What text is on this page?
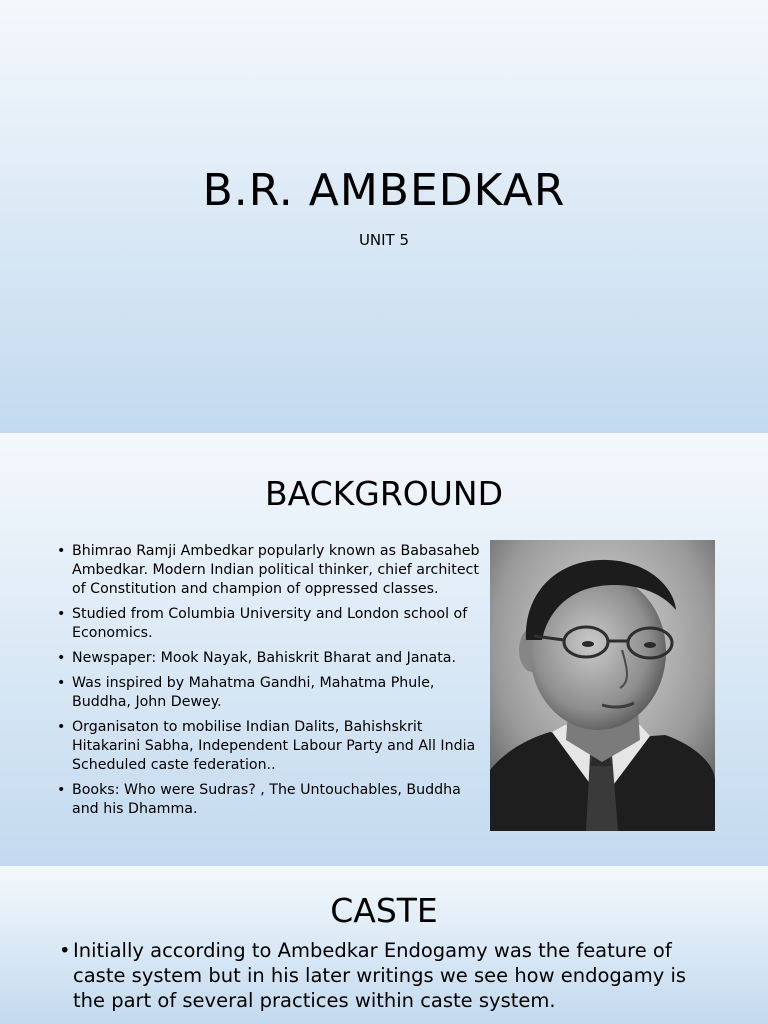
B.R. AMBEDKAR
UNIT 5
BACKGROUND
• Bhimrao Ramji Ambedkar popularly known as Babasaheb Ambedkar. Modern Indian political thinker, chief architect of Constitution and champion of oppressed classes.
• Studied from Columbia University and London school of Economics.
• Newspaper: Mook Nayak, Bahiskrit Bharat and Janata.
• Was inspired by Mahatma Gandhi, Mahatma Phule, Buddha, John Dewey.
• Organisaton to mobilise Indian Dalits, Bahishskrit Hitakarini Sabha, Independent Labour Party and All India Scheduled caste federation..
• Books: Who were Sudras? , The Untouchables, Buddha and his Dhamma.
CASTE
• Initially according to Ambedkar Endogamy was the feature of caste system but in his later writings we see how endogamy is the part of several practices within caste system.
